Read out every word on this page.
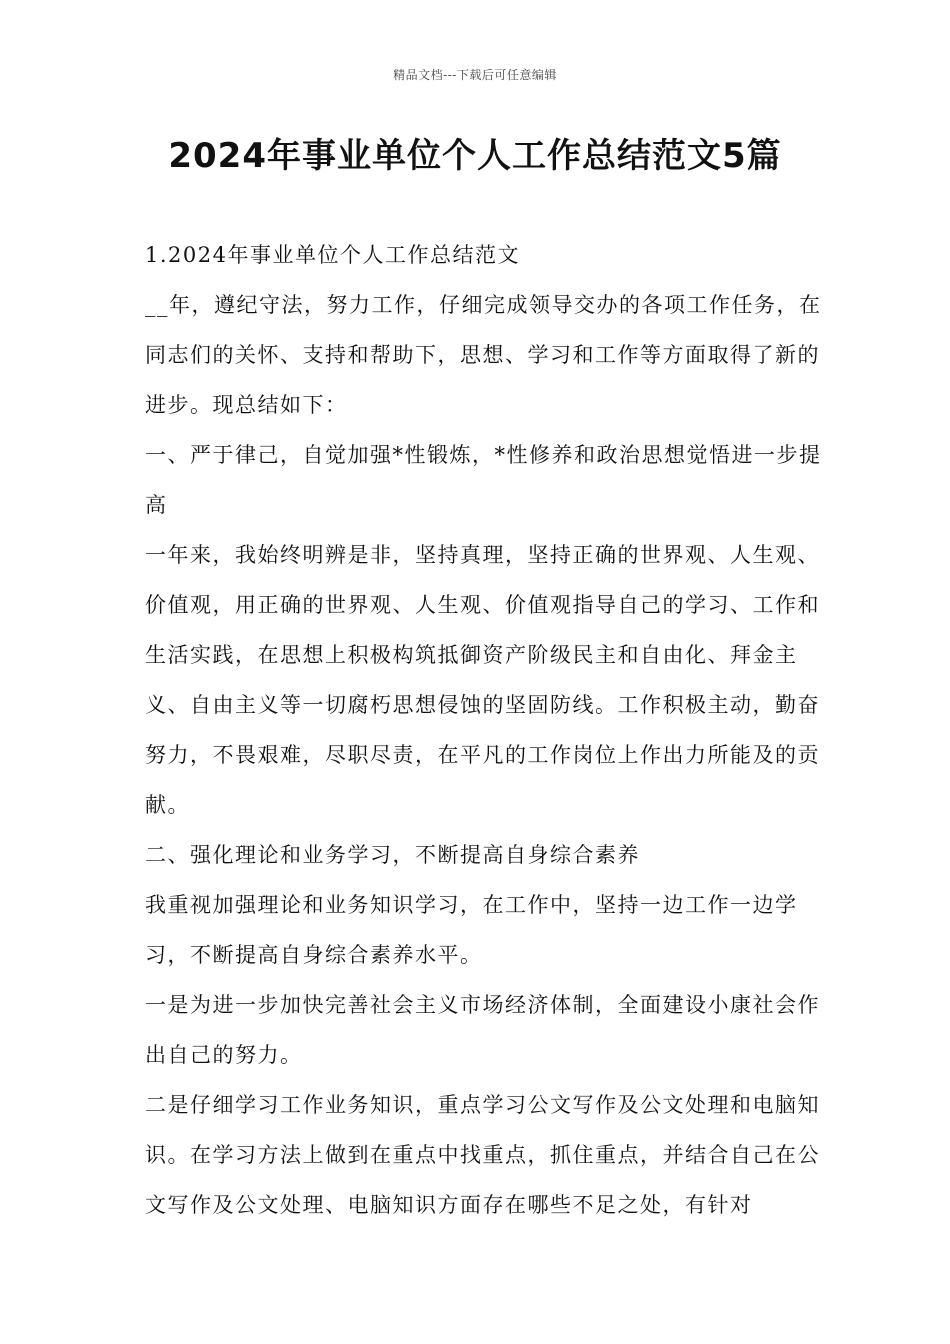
精品文档---下载后可任意编辑
2024年事业单位个人工作总结范文5篇

1.2024年事业单位个人工作总结范文

__年，遵纪守法，努力工作，仔细完成领导交办的各项工作任务，在同志们的关怀、支持和帮助下，思想、学习和工作等方面取得了新的进步。现总结如下：

一、严于律己，自觉加强*性锻炼，*性修养和政治思想觉悟进一步提高

一年来，我始终明辨是非，坚持真理，坚持正确的世界观、人生观、价值观，用正确的世界观、人生观、价值观指导自己的学习、工作和生活实践，在思想上积极构筑抵御资产阶级民主和自由化、拜金主义、自由主义等一切腐朽思想侵蚀的坚固防线。工作积极主动，勤奋努力，不畏艰难，尽职尽责，在平凡的工作岗位上作出力所能及的贡献。

二、强化理论和业务学习，不断提高自身综合素养

我重视加强理论和业务知识学习，在工作中，坚持一边工作一边学习，不断提高自身综合素养水平。

一是为进一步加快完善社会主义市场经济体制，全面建设小康社会作出自己的努力。

二是仔细学习工作业务知识，重点学习公文写作及公文处理和电脑知识。在学习方法上做到在重点中找重点，抓住重点，并结合自己在公文写作及公文处理、电脑知识方面存在哪些不足之处，有针对
